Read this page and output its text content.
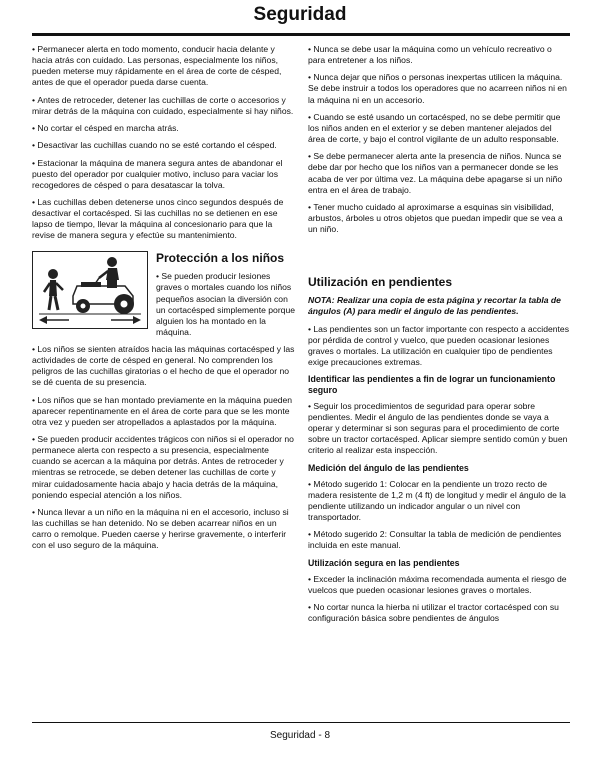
Seguridad

• Permanecer alerta en todo momento, conducir hacia delante y hacia atrás con cuidado. Las personas, especialmente los niños, pueden meterse muy rápidamente en el área de corte de césped, antes de que el operador pueda darse cuenta.

• Antes de retroceder, detener las cuchillas de corte o accesorios y mirar detrás de la máquina con cuidado, especialmente si hay niños.

• No cortar el césped en marcha atrás.

• Desactivar las cuchillas cuando no se esté cortando el césped.

• Estacionar la máquina de manera segura antes de abandonar el puesto del operador por cualquier motivo, incluso para vaciar los recogedores de césped o para desatascar la tolva.

• Las cuchillas deben detenerse unos cinco segundos después de desactivar el cortacésped. Si las cuchillas no se detienen en ese lapso de tiempo, llevar la máquina al concesionario para que la revise de manera segura y efectúe su mantenimiento.

Protección a los niños

• Se pueden producir lesiones graves o mortales cuando los niños pequeños asocian la diversión con un cortacésped simplemente porque alguien los ha montado en la máquina.

• Los niños se sienten atraídos hacia las máquinas cortacésped y las actividades de corte de césped en general. No comprenden los peligros de las cuchillas giratorias o el hecho de que el operador no se dé cuenta de su presencia.

• Los niños que se han montado previamente en la máquina pueden aparecer repentinamente en el área de corte para que se les monte otra vez y pueden ser atropellados a aplastados por la máquina.

• Se pueden producir accidentes trágicos con niños si el operador no permanece alerta con respecto a su presencia, especialmente cuando se acercan a la máquina por detrás. Antes de retroceder y mientras se retrocede, se deben detener las cuchillas de corte y mirar cuidadosamente hacia abajo y hacia detrás de la máquina, poniendo especial atención a los niños.

• Nunca llevar a un niño en la máquina ni en el accesorio, incluso si las cuchillas se han detenido. No se deben acarrear niños en un carro o remolque. Pueden caerse y herirse gravemente, o interferir con el uso seguro de la máquina.

• Nunca se debe usar la máquina como un vehículo recreativo o para entretener a los niños.

• Nunca dejar que niños o personas inexpertas utilicen la máquina. Se debe instruir a todos los operadores que no acarreen niños ni en la máquina ni en un accesorio.

• Cuando se esté usando un cortacésped, no se debe permitir que los niños anden en el exterior y se deben mantener alejados del área de corte, y bajo el control vigilante de un adulto responsable.

• Se debe permanecer alerta ante la presencia de niños. Nunca se debe dar por hecho que los niños van a permanecer donde se les acaba de ver por última vez. La máquina debe apagarse si un niño entra en el área de trabajo.

• Tener mucho cuidado al aproximarse a esquinas sin visibilidad, arbustos, árboles u otros objetos que puedan impedir que se vea a un niño.

Utilización en pendientes

NOTA: Realizar una copia de esta página y recortar la tabla de ángulos (A) para medir el ángulo de las pendientes.

• Las pendientes son un factor importante con respecto a accidentes por pérdida de control y vuelco, que pueden ocasionar lesiones graves o mortales. La utilización en cualquier tipo de pendientes exige precauciones extremas.

Identificar las pendientes a fin de lograr un funcionamiento seguro

• Seguir los procedimientos de seguridad para operar sobre pendientes. Medir el ángulo de las pendientes donde se vaya a operar y determinar si son seguras para el procedimiento de corte sobre un tractor cortacésped. Aplicar siempre sentido común y buen criterio al realizar esta inspección.

Medición del ángulo de las pendientes

• Método sugerido 1: Colocar en la pendiente un trozo recto de madera resistente de 1,2 m (4 ft) de longitud y medir el ángulo de la pendiente utilizando un indicador angular o un nivel con transportador.

• Método sugerido 2: Consultar la tabla de medición de pendientes incluida en este manual.

Utilización segura en las pendientes

• Exceder la inclinación máxima recomendada aumenta el riesgo de vuelcos que pueden ocasionar lesiones graves o mortales.

• No cortar nunca la hierba ni utilizar el tractor cortacésped con su configuración básica sobre pendientes de ángulos

Seguridad - 8
